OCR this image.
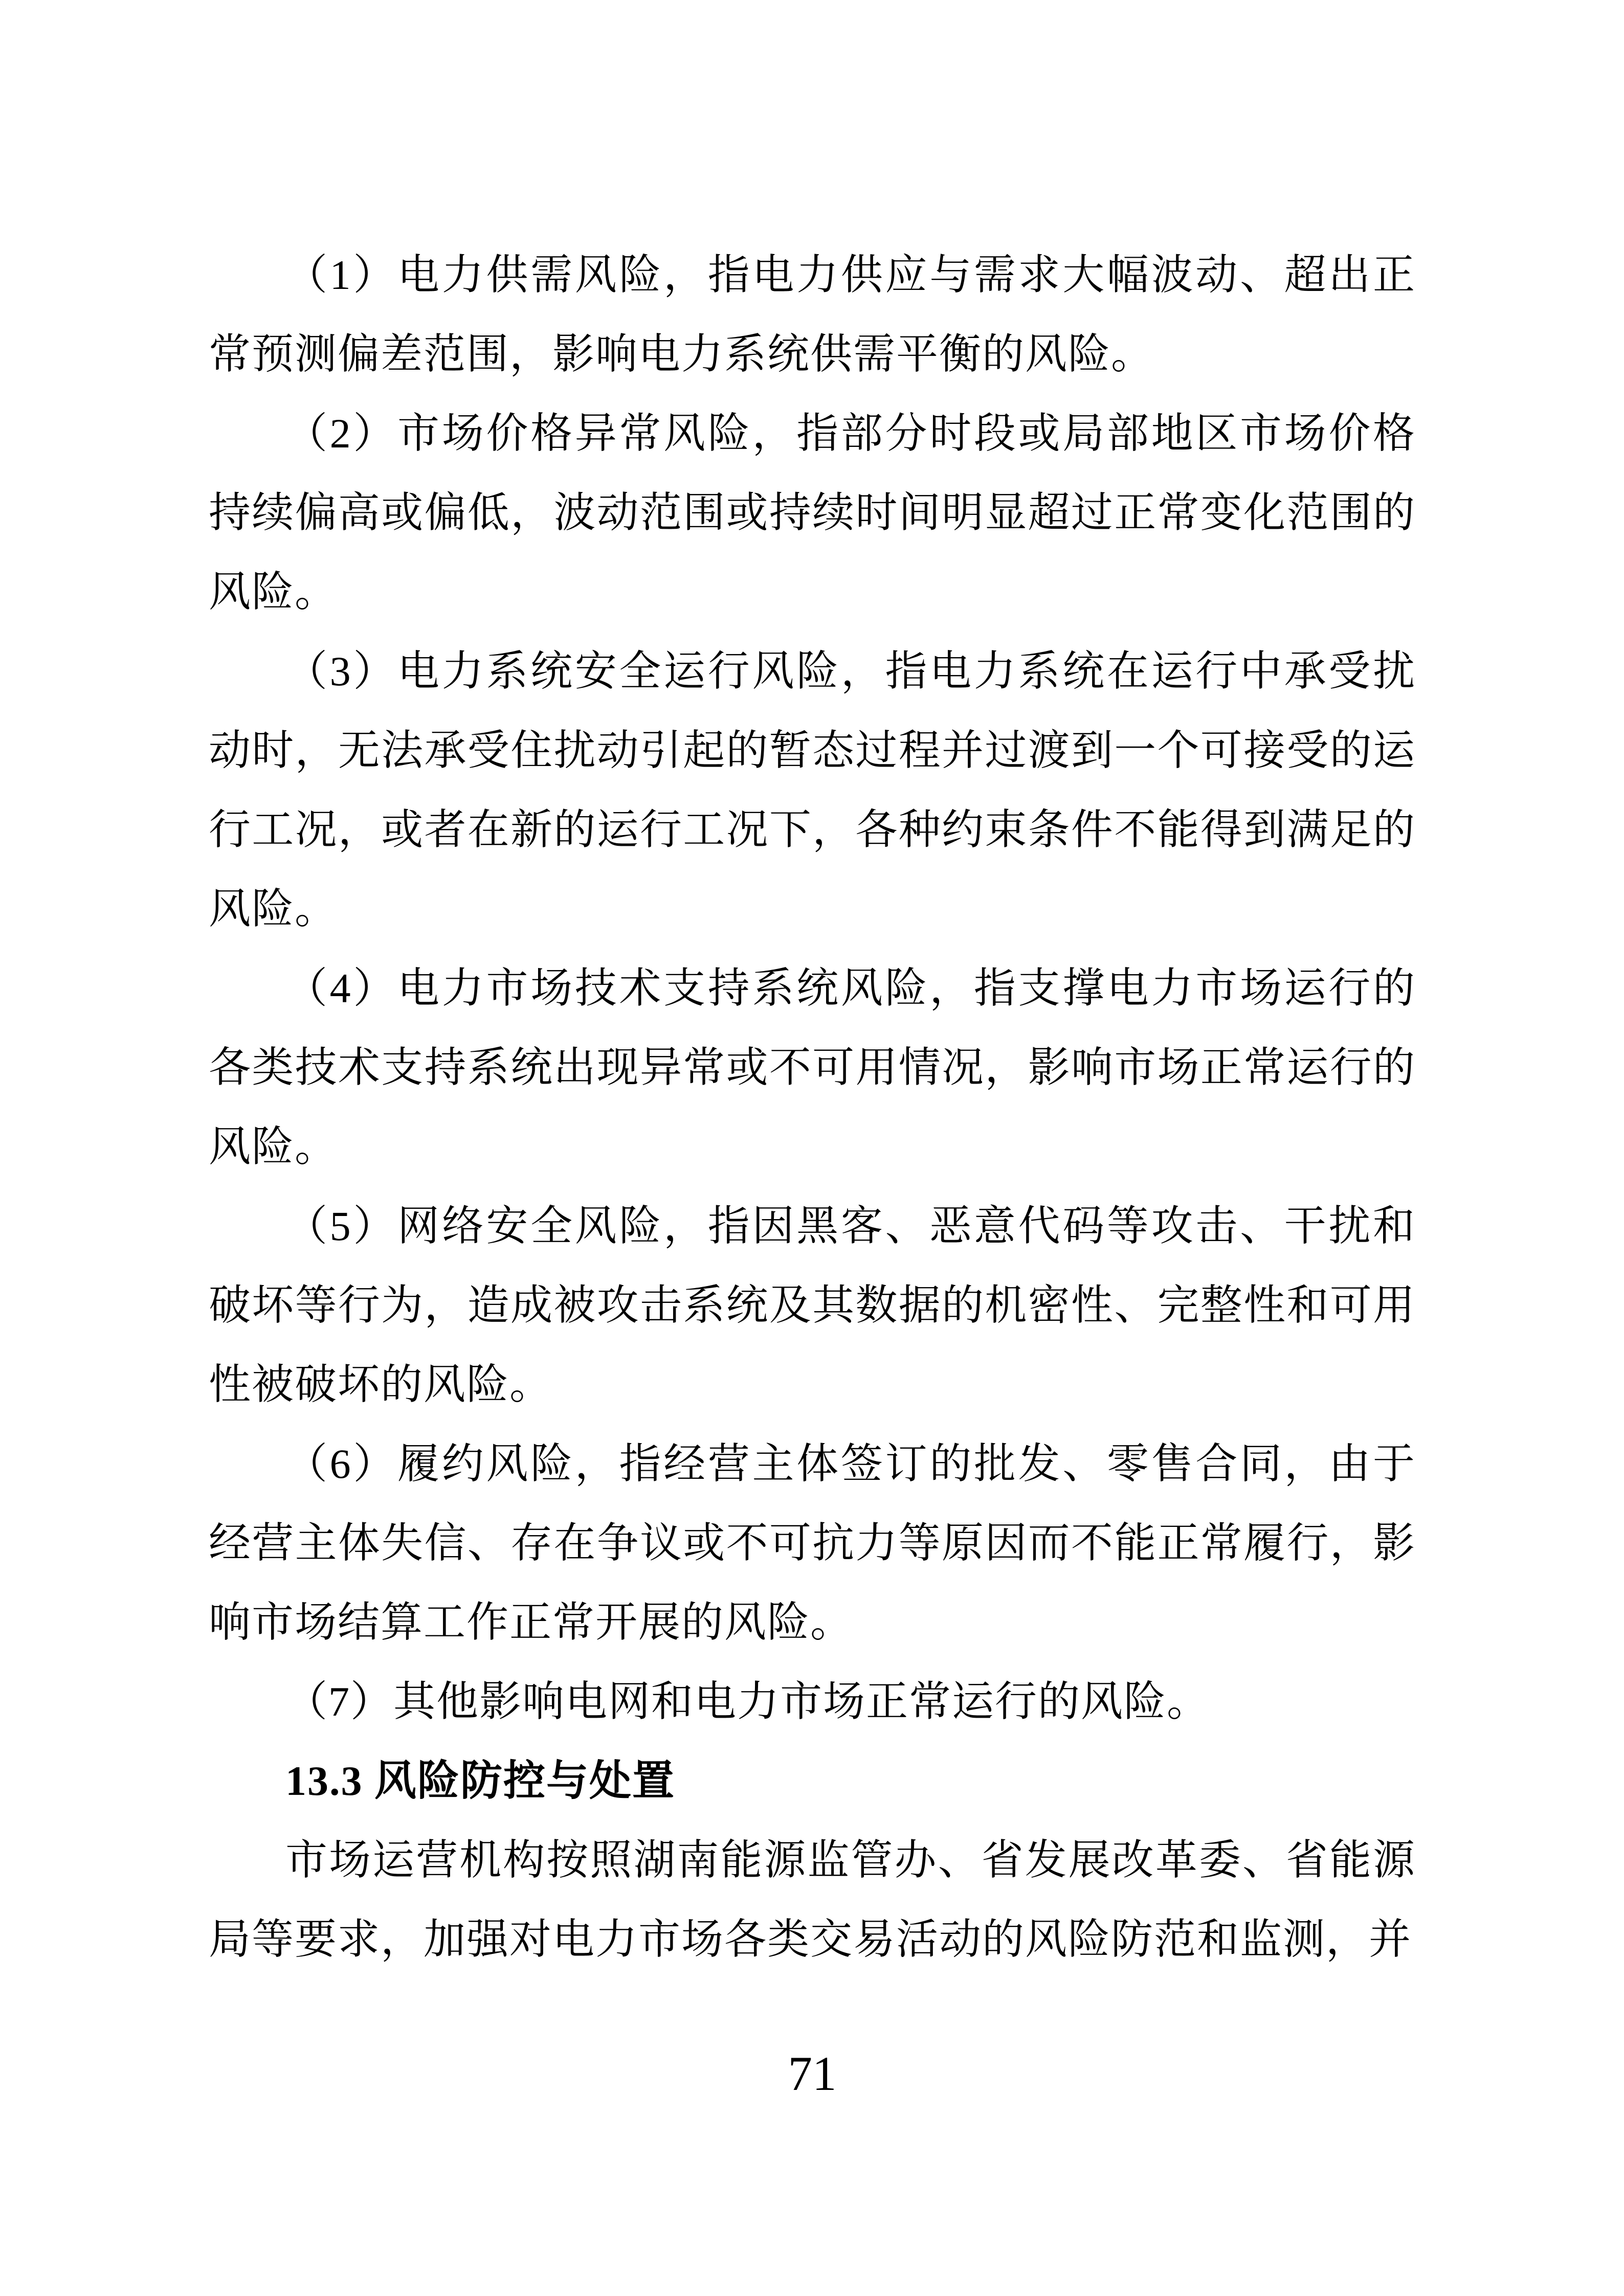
（1）电力供需风险，指电力供应与需求大幅波动、超出正常预测偏差范围，影响电力系统供需平衡的风险。

（2）市场价格异常风险，指部分时段或局部地区市场价格持续偏高或偏低，波动范围或持续时间明显超过正常变化范围的风险。

（3）电力系统安全运行风险，指电力系统在运行中承受扰动时，无法承受住扰动引起的暂态过程并过渡到一个可接受的运行工况，或者在新的运行工况下，各种约束条件不能得到满足的风险。

（4）电力市场技术支持系统风险，指支撑电力市场运行的各类技术支持系统出现异常或不可用情况，影响市场正常运行的风险。

（5）网络安全风险，指因黑客、恶意代码等攻击、干扰和破坏等行为，造成被攻击系统及其数据的机密性、完整性和可用性被破坏的风险。

（6）履约风险，指经营主体签订的批发、零售合同，由于经营主体失信、存在争议或不可抗力等原因而不能正常履行，影响市场结算工作正常开展的风险。

（7）其他影响电网和电力市场正常运行的风险。

13.3 风险防控与处置

市场运营机构按照湖南能源监管办、省发展改革委、省能源局等要求，加强对电力市场各类交易活动的风险防范和监测，并

71
